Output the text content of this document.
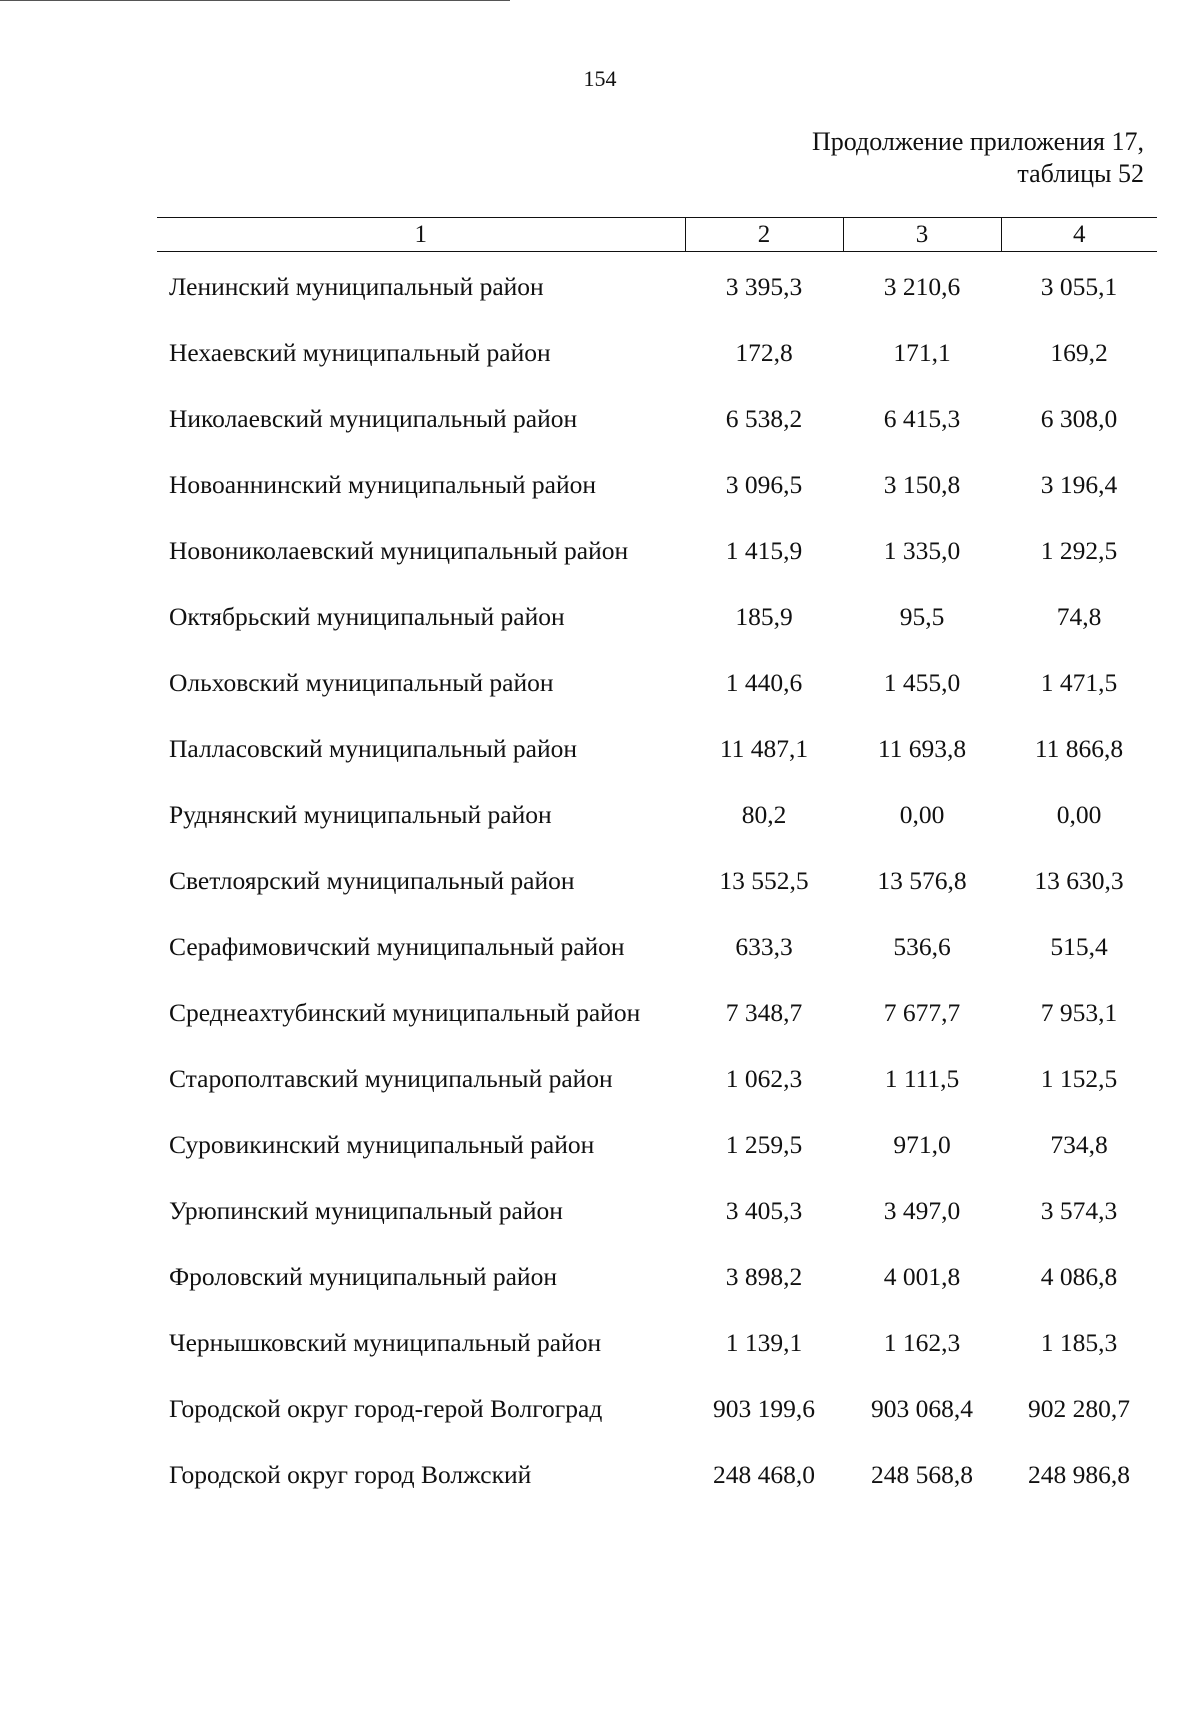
154
Продолжение приложения 17,
таблицы 52
1	2	3	4

Ленинский муниципальный район	3 395,3	3 210,6	3 055,1
Нехаевский муниципальный район	172,8	171,1	169,2
Николаевский муниципальный район	6 538,2	6 415,3	6 308,0
Новоаннинский муниципальный район	3 096,5	3 150,8	3 196,4
Новониколаевский муниципальный район	1 415,9	1 335,0	1 292,5
Октябрьский муниципальный район	185,9	95,5	74,8
Ольховский муниципальный район	1 440,6	1 455,0	1 471,5
Палласовский муниципальный район	11 487,1	11 693,8	11 866,8
Руднянский муниципальный район	80,2	0,00	0,00
Светлоярский муниципальный район	13 552,5	13 576,8	13 630,3
Серафимовичский муниципальный район	633,3	536,6	515,4
Среднеахтубинский муниципальный район	7 348,7	7 677,7	7 953,1
Старополтавский муниципальный район	1 062,3	1 111,5	1 152,5
Суровикинский муниципальный район	1 259,5	971,0	734,8
Урюпинский муниципальный район	3 405,3	3 497,0	3 574,3
Фроловский муниципальный район	3 898,2	4 001,8	4 086,8
Чернышковский муниципальный район	1 139,1	1 162,3	1 185,3
Городской округ город-герой Волгоград	903 199,6	903 068,4	902 280,7
Городской округ город Волжский	248 468,0	248 568,8	248 986,8
